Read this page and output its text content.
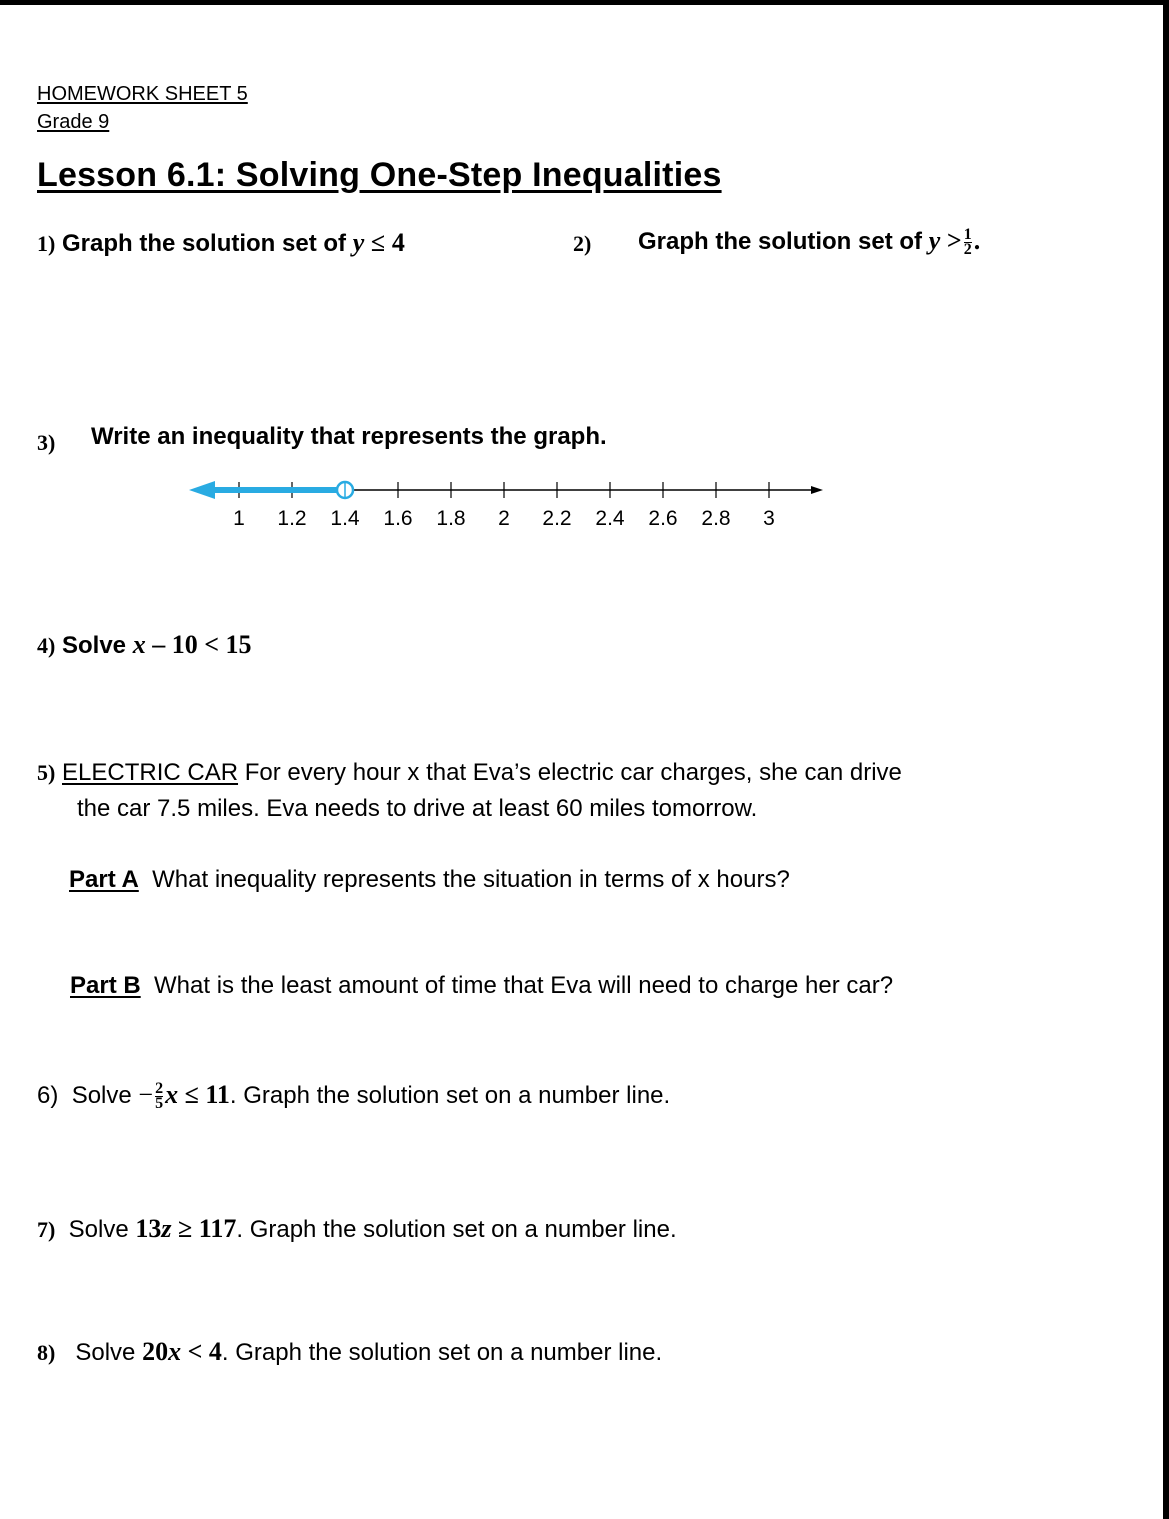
HOMEWORK SHEET 5
Grade 9
Lesson 6.1: Solving One-Step Inequalities
1) Graph the solution set of y ≤ 4	2) Graph the solution set of $y > \frac{1}{2}$ .
3) Write an inequality that represents the graph.
1 1.2 1.4 1.6 1.8 2 2.2 2.4 2.6 2.8 3
4) Solve x – 10 < 15
5) ELECTRIC CAR For every hour x that Eva’s electric car charges, she can drive
the car 7.5 miles. Eva needs to drive at least 60 miles tomorrow.
Part A What inequality represents the situation in terms of x hours?
Part B What is the least amount of time that Eva will need to charge her car?
6) Solve − $\frac{2}{5}$ x ≤ 11. Graph the solution set on a number line.
7) Solve 13z ≥ 117. Graph the solution set on a number line.
8) Solve 20x < 4. Graph the solution set on a number line.
